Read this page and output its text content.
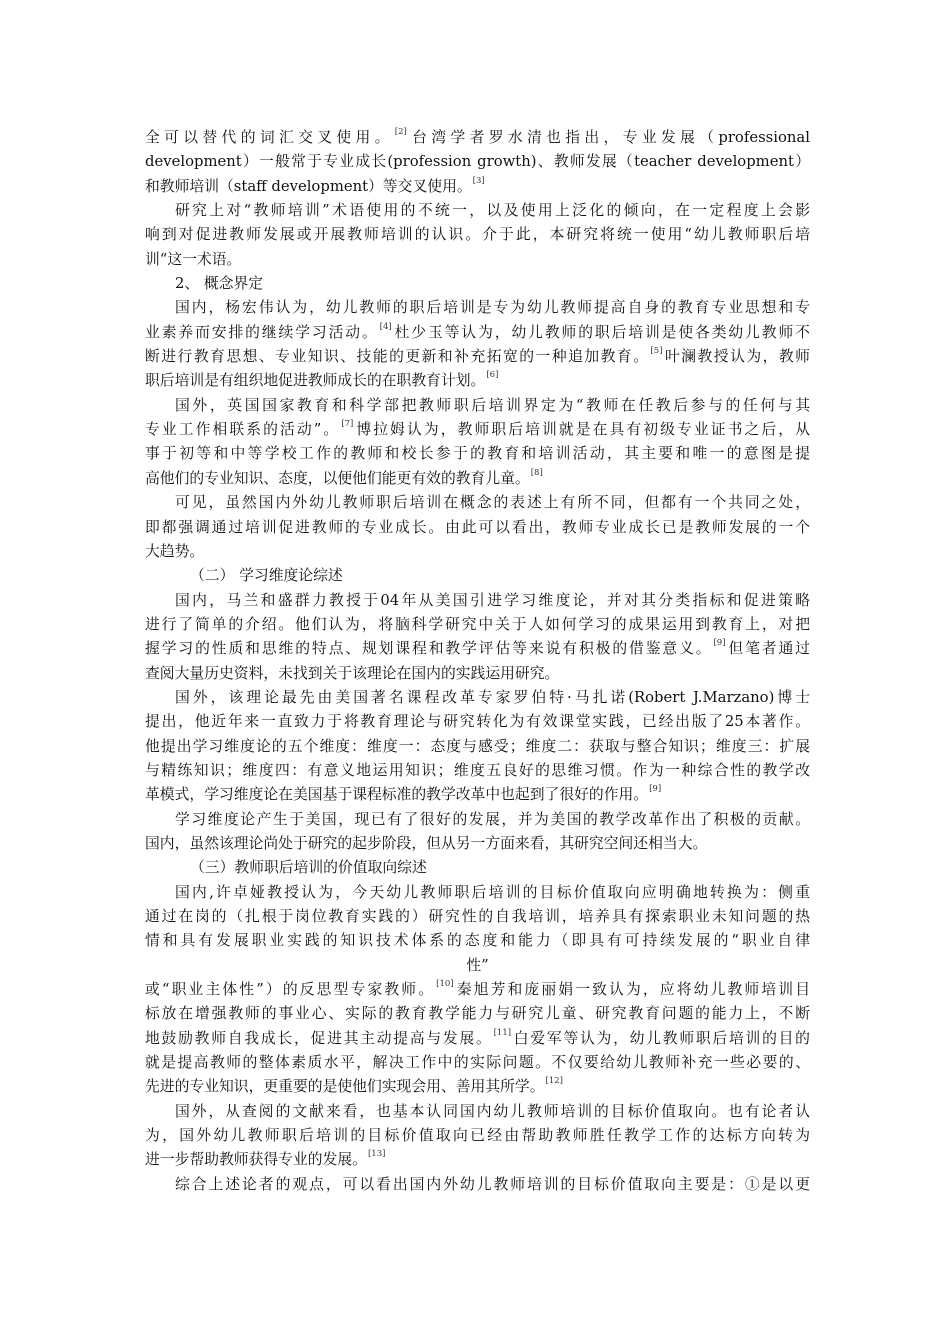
全可以替代的词汇交叉使用。[2]台湾学者罗水清也指出，专业发展（professional
development）一般常于专业成长(profession growth)、教师发展（teacher development）
和教师培训（staff development）等交叉使用。[3]
研究上对“教师培训”术语使用的不统一，以及使用上泛化的倾向，在一定程度上会影
响到对促进教师发展或开展教师培训的认识。介于此，本研究将统一使用“幼儿教师职后培
训“这一术语。
2、 概念界定
国内，杨宏伟认为，幼儿教师的职后培训是专为幼儿教师提高自身的教育专业思想和专
业素养而安排的继续学习活动。[4]杜少玉等认为，幼儿教师的职后培训是使各类幼儿教师不
断进行教育思想、专业知识、技能的更新和补充拓宽的一种追加教育。[5]叶澜教授认为，教师
职后培训是有组织地促进教师成长的在职教育计划。[6]
国外，英国国家教育和科学部把教师职后培训界定为“教师在任教后参与的任何与其
专业工作相联系的活动”。[7]博拉姆认为，教师职后培训就是在具有初级专业证书之后，从
事于初等和中等学校工作的教师和校长参于的教育和培训活动，其主要和唯一的意图是提
高他们的专业知识、态度，以便他们能更有效的教育儿童。[8]
可见，虽然国内外幼儿教师职后培训在概念的表述上有所不同，但都有一个共同之处，
即都强调通过培训促进教师的专业成长。由此可以看出，教师专业成长已是教师发展的一个
大趋势。
（二） 学习维度论综述
国内，马兰和盛群力教授于04年从美国引进学习维度论，并对其分类指标和促进策略
进行了简单的介绍。他们认为，将脑科学研究中关于人如何学习的成果运用到教育上，对把
握学习的性质和思维的特点、规划课程和教学评估等来说有积极的借鉴意义。[9]但笔者通过
查阅大量历史资料，未找到关于该理论在国内的实践运用研究。
国外，该理论最先由美国著名课程改革专家罗伯特·马扎诺(Robert J.Marzano)博士
提出，他近年来一直致力于将教育理论与研究转化为有效课堂实践，已经出版了25本著作。
他提出学习维度论的五个维度：维度一：态度与感受；维度二：获取与整合知识；维度三：扩展
与精练知识；维度四：有意义地运用知识；维度五良好的思维习惯。作为一种综合性的教学改
革模式，学习维度论在美国基于课程标准的教学改革中也起到了很好的作用。[9]
学习维度论产生于美国，现已有了很好的发展，并为美国的教学改革作出了积极的贡献。
国内，虽然该理论尚处于研究的起步阶段，但从另一方面来看，其研究空间还相当大。
（三）教师职后培训的价值取向综述
国内,许卓娅教授认为，今天幼儿教师职后培训的目标价值取向应明确地转换为：侧重
通过在岗的（扎根于岗位教育实践的）研究性的自我培训，培养具有探索职业未知问题的热
情和具有发展职业实践的知识技术体系的态度和能力（即具有可持续发展的“职业自律
性”
或“职业主体性”）的反思型专家教师。[10]秦旭芳和庞丽娟一致认为，应将幼儿教师培训目
标放在增强教师的事业心、实际的教育教学能力与研究儿童、研究教育问题的能力上，不断
地鼓励教师自我成长，促进其主动提高与发展。[11]白爱军等认为，幼儿教师职后培训的目的
就是提高教师的整体素质水平，解决工作中的实际问题。不仅要给幼儿教师补充一些必要的、
先进的专业知识，更重要的是使他们实现会用、善用其所学。[12]
国外，从查阅的文献来看，也基本认同国内幼儿教师培训的目标价值取向。也有论者认
为，国外幼儿教师职后培训的目标价值取向已经由帮助教师胜任教学工作的达标方向转为
进一步帮助教师获得专业的发展。[13]
综合上述论者的观点，可以看出国内外幼儿教师培训的目标价值取向主要是：①是以更
